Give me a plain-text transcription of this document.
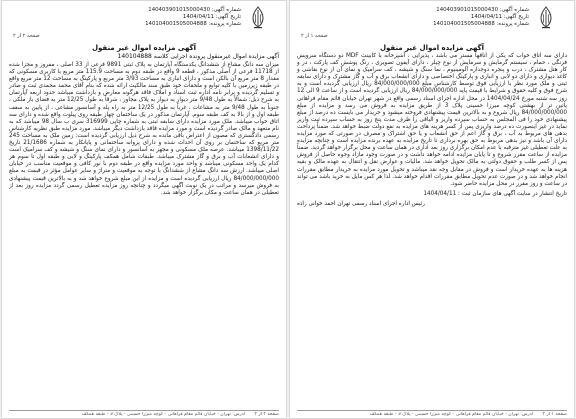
شماره آگهی: 140403901015000430
تاریخ آگهی: 1404/04/11
شماره پرونده: 140104001505004888
صفحه ۲ از ۲
آگهی مزایده اموال غیر منقول
آگهی مزایده اموال غیرمنقول پرونده اجرایی کلاسه 140104888

میزان سه دانگ مشاع از ششدانگ یکدستگاه آپارتمان به پلاک ثبتی 9891 فرعی از 33 اصلی ، مفروز و مجزا شده از 11718 فرعی از اصلی مذکور ، قطعه 9 واقع در طبقه دوم به مساحت 115.9 متر مربع با کاربری مسکونی که مقدار 8 متر مربع آن بالکن است و دارای انباری به مساحت 3/93 متر مربع و پارکینگ به مساحت 12 متر مربع واقع در طبقه زیرزمین با کلیه توابع و ملحقات خود طبق سند مالکیت ارائه شده که بنام آقای محمد محمدی ثبت و صادر و تسلیم گردیده و برابر نامه اداره ثبت اسناد و املاک فاقد هرگونه معارض و بازداشت میباشد حدود اربعه آپارتمان به شرح ذیل: شمالاً به طول 9/48 متر دیوار به دیوار به پلاک مجاور ، شرقاً به طول 12/25 متر به فضای باز ملکی ، جنوباً به طول 9/48 متر به مشاعات ، غرباً به طول 12/25 متر به راه پله و آسانسور مشاعی ، از پایین به سقف طبقه اول و از بالا به کف طبقه سوم. آپارتمان مذکور در یک ساختمان چهار طبقه روی پیلوت واقع شده و دارای سه اتاق خواب میباشد. ملک مورد مزایده دارای سابقه ثبتی به شماره چاپی 316999 سری ب سال 98 میباشد که به نام متعهد و مالک صادر گردیده است و مورد مزایده فاقد بازداشت دیگر میباشد. مورد مزایده طبق نظریه کارشناس رسمی دادگستری که مصون از اعتراض باقی مانده به شرح ذیل ارزیابی گردیده است: زمین ملک به مساحت 245 متر مربع که ساختمان بر روی آن احداث شده و دارای پروانه ساختمانی و پایانکار به شماره 21/1686 تاریخ 1398/11/22 میباشد. عرصه ملک مسکونی و مجهز به آسانسور و دارای نمای سنگ و شیشه و کف سرامیک است و دارای انشعابات آب و برق و گاز مشترک میباشد. طبقات شامل همکف پارکینگ و لابی و طبقه اول تا سوم هر کدام یک واحد مسکونی میباشد و واحد مورد مزایده واقع در طبقه دوم با نور کافی و موقعیت مناسب در خیابان اصلی میباشد. ارزش سه دانگ مشاع از ششدانگ با توجه به موقعیت و متراژ و سایر عوامل مؤثر در قیمت به مبلغ 84/000/000/000 ریال ارزیابی گردیده است و مزایده از این مبلغ شروع خواهد شد و به بالاترین قیمت پیشنهادی به فروش میرسد و مراتب در یک نوبت آگهی میگردد و چنانچه روز مزایده تعطیل رسمی گردد مزایده روز بعد از تعطیلی در همان ساعت و مکان برگزار خواهد شد.

صفحه ۲ از ۲ آدرس: تهران - خیابان قائم مقام فراهانی - کوچه میرزا حسینی - پلاک 3 - طبقه همکف
شماره آگهی: 140403901015000430
تاریخ آگهی: 1404/04/11
شماره پرونده: 140104001505004888
صفحه ۱ از ۲
آگهی مزایده اموال غیر منقول

دارای سه اتاق خواب که یکی از اتاقها مستر می باشد ، پذیرایی ، آشپزخانه با کابینت MDF دو دستگاه سرویس فرنگی ، حمام ، سیستم گرمایش و سرمایش از نوع چیلر ، دارای آیفون تصویری ، رنگ پوشش کف پارکت ، در و کار هتل مشترک ، درب و پنجره دوجداره آلومینیوم ، نما سنگ و شیشه ، کف سرامیک و نمای آن از نوع نقاشی و کاغذ دیواری و دارای دو لابی و انباری و پارکینگ اختصاصی و دارای انشعاب برق و آب و گاز مشترک و دارای سابقه ثبتی و ملک مورد نظر با ارزیابی فوق توسط کارشناس مبلغ 84/000/000/000 ریال ارزیابی گردیده است و به شرح فوق و کلیه حقوق و شرایط با قیمت پایه 84/000/000/000 ریال ارزیابی گردیده است و از ساعت 9 الی 12 روز سه شنبه مورخ 1404/04/24 در محل اداره اجرای اسناد رسمی واقع در شهر تهران خیابان قائم مقام فراهانی پائین تر از بهشتی کوچه میرزا حسینی پلاک 3 از طریق مزایده به فروش می رسد و مزایده از مبلغ 84/000/000/000 ریال شروع و به بالاترین قیمت پیشنهادی فروخته میشود و خریدار می بایست ده درصد از مبلغ پیشنهادی خود را فی المجلس به حساب سپرده واریز و الباقی را ظرف مدت پنج روز به حساب سپرده ثبت واریز نماید در غیر اینصورت ده درصد واریزی پس از کسر هزینه های مزایده به نفع دولت ضبط خواهد شد. ضمناً پرداخت بدهی های مربوط به آب ، برق و گاز اعم از حق انشعاب و یا حق اشتراک و مصرف در صورتی که مورد مزایده دارای آن باشد و نیز بدهی مربوط به حق بهره برداری تا تاریخ مزایده به عهده برنده مزایده است و چنانچه مزایده به علت تعطیلی غیر مترقبه یا عدم امکان برگزاری روز بعد اداری در همان ساعت و محل برگزار خواهد گردید. ضمناً مزایده از ساعت مقرر شروع و تا پایان مزایده ادامه خواهد داشت و در صورت وجود مازاد وجوه حاصل از فروش پس از کسر طلب و حقوق دولتی به مالک تحویل خواهد شد. مالیات و عوارض نقل و انتقال به عهده مالک و بقیه هزینه ها به عهده خریدار است و فروش در مقابل وجه نقد میباشد و تحویل مورد مزایده به خریدار مطابق مقررات انجام خواهد شد و در صورت عدم تحویل مطابق مقررات اقدام خواهد شد. لذا هر کس مایل به خرید باشد می تواند در ساعت و روز مقرر در محل مزایده حاضر شود.

تاریخ انتشار در سایت آگهی های سازمان ثبت : 1404/04/11

رئیس اداره اجرای اسناد رسمی تهران احمد خوانی زاده
صفحه ۱ از ۲ آدرس: تهران - خیابان قائم مقام فراهانی - کوچه میرزا حسینی - پلاک 3 - طبقه همکف
